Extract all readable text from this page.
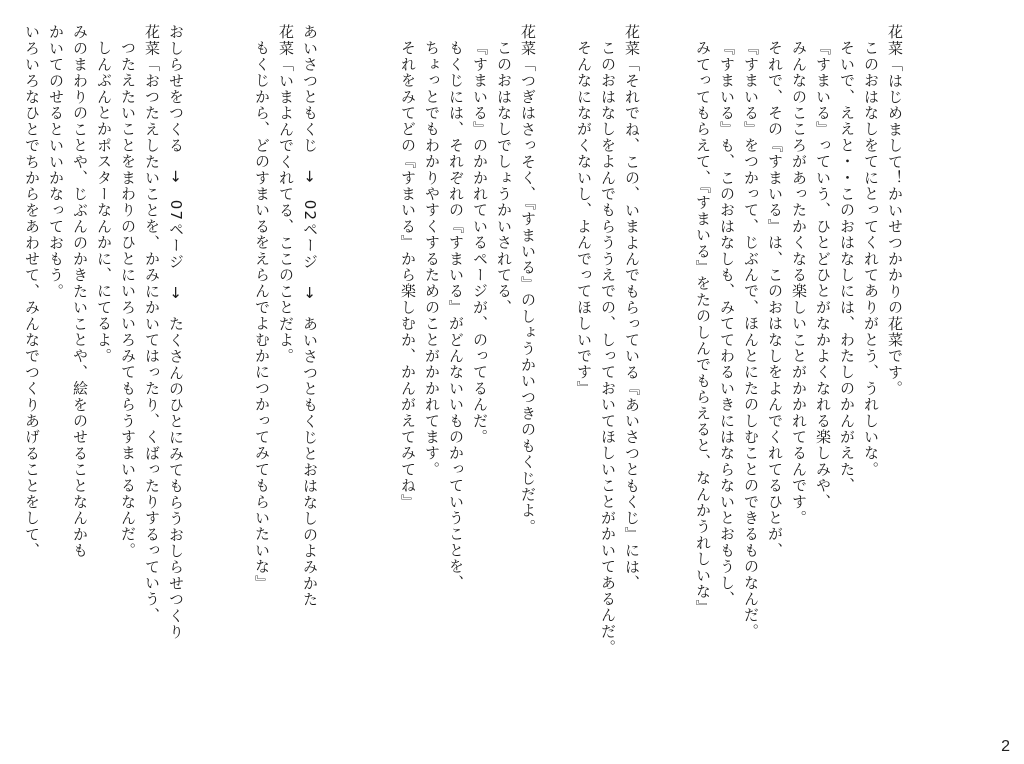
花菜「はじめまして！かいせつかかりの花菜です。
このおはなしをてにとってくれてありがとう、うれしいな。
そいで、ええと・・このおはなしには、わたしのかんがえた、
『すまいる』っていう、ひとどひとがなかよくなれる楽しみや、
みんなのこころがあったかくなる楽しいことがかかれてるんです。
それで、その『すまいる』は、このおはなしをよんでくれてるひとが、
『すまいる』をつかって、じぶんで、ほんとにたのしむことのできるものなんだ。
『すまいる』も、このおはなしも、みててわるいきにはならないとおもうし、
みてってもらえて、『すまいる』をたのしんでもらえると、なんかうれしいな』
花菜「それでね、この、いまよんでもらっている『あいさつともくじ』には、
このおはなしをよんでもらううえでの、しっておいてほしいことがかいてあるんだ。
そんなにながくないし、よんでってほしいです』
花菜「つぎはさっそく、『すまいる』のしょうかいつきのもくじだよ。
このおはなしでしょうかいされてる、
『すまいる』のかかれているページが、のってるんだ。
もくじには、それぞれの『すまいる』がどんないいものかっていうことを、
ちょっとでもわかりやすくするためのことがかかれてます。
それをみてどの『すまいる』から楽しむか、かんがえてみてね』
あいさつともくじ　→　02ページ　→　あいさつともくじとおはなしのよみかた
花菜「いまよんでくれてる、ここのことだよ。
もくじから、どのすまいるをえらんでよむかにつかってみてもらいたいな』
おしらせをつくる　→　07ページ　→　たくさんのひとにみてもらうおしらせつくり
花菜「おつたえしたいことを、かみにかいてはったり、くばったりするっていう、
つたえたいことをまわりのひとにいろいろみてもらうすまいるなんだ。
しんぶんとかポスターなんかに、にてるよ。
みのまわりのことや、じぶんのかきたいことや、絵をのせることなんかも
かいてのせるといいかなっておもう。
いろいろなひとでちからをあわせて、みんなでつくりあげることをして、
2
